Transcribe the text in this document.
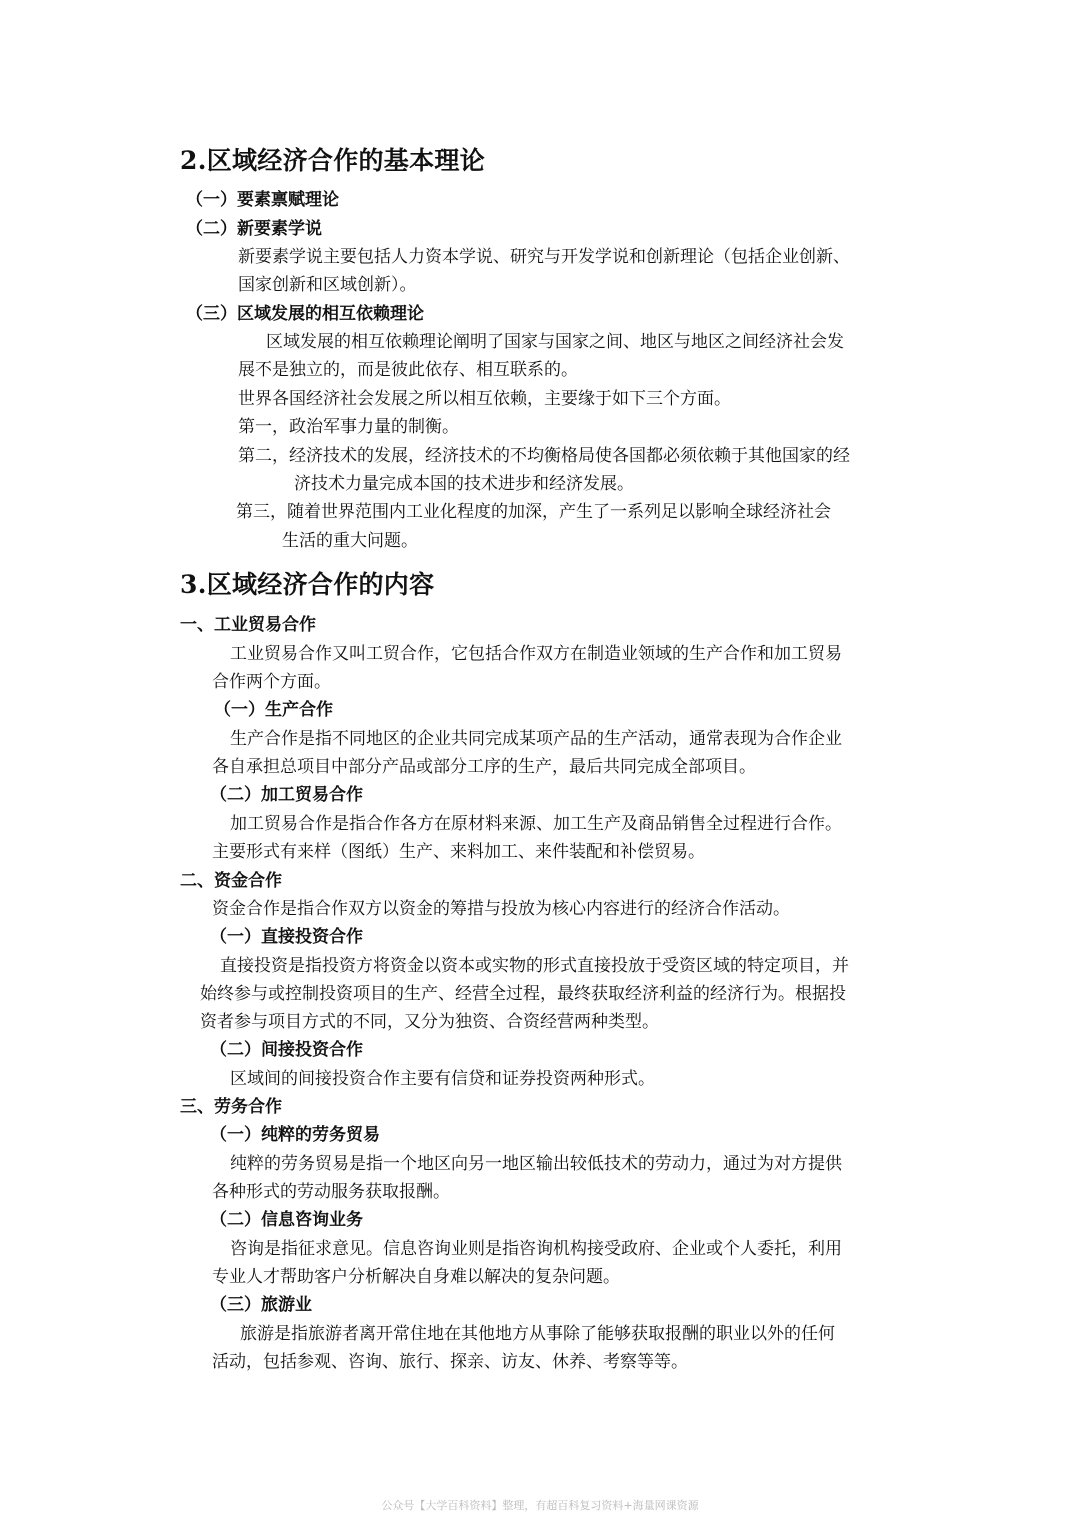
2.区域经济合作的基本理论
（一）要素禀赋理论
（二）新要素学说
新要素学说主要包括人力资本学说、研究与开发学说和创新理论（包括企业创新、
国家创新和区域创新）。
（三）区域发展的相互依赖理论
区域发展的相互依赖理论阐明了国家与国家之间、地区与地区之间经济社会发
展不是独立的，而是彼此依存、相互联系的。
世界各国经济社会发展之所以相互依赖，主要缘于如下三个方面。
第一，政治军事力量的制衡。
第二，经济技术的发展，经济技术的不均衡格局使各国都必须依赖于其他国家的经
济技术力量完成本国的技术进步和经济发展。
第三，随着世界范围内工业化程度的加深，产生了一系列足以影响全球经济社会
生活的重大问题。
3.区域经济合作的内容
一、工业贸易合作
工业贸易合作又叫工贸合作，它包括合作双方在制造业领域的生产合作和加工贸易
合作两个方面。
（一）生产合作
生产合作是指不同地区的企业共同完成某项产品的生产活动，通常表现为合作企业
各自承担总项目中部分产品或部分工序的生产，最后共同完成全部项目。
（二）加工贸易合作
加工贸易合作是指合作各方在原材料来源、加工生产及商品销售全过程进行合作。
主要形式有来样（图纸）生产、来料加工、来件装配和补偿贸易。
二、资金合作
资金合作是指合作双方以资金的筹措与投放为核心内容进行的经济合作活动。
（一）直接投资合作
直接投资是指投资方将资金以资本或实物的形式直接投放于受资区域的特定项目，并
始终参与或控制投资项目的生产、经营全过程，最终获取经济利益的经济行为。根据投
资者参与项目方式的不同，又分为独资、合资经营两种类型。
（二）间接投资合作
区域间的间接投资合作主要有信贷和证券投资两种形式。
三、劳务合作
（一）纯粹的劳务贸易
纯粹的劳务贸易是指一个地区向另一地区输出较低技术的劳动力，通过为对方提供
各种形式的劳动服务获取报酬。
（二）信息咨询业务
咨询是指征求意见。信息咨询业则是指咨询机构接受政府、企业或个人委托，利用
专业人才帮助客户分析解决自身难以解决的复杂问题。
（三）旅游业
旅游是指旅游者离开常住地在其他地方从事除了能够获取报酬的职业以外的任何
活动，包括参观、咨询、旅行、探亲、访友、休养、考察等等。
公众号【大学百科资料】整理，有超百科复习资料+海量网课资源
